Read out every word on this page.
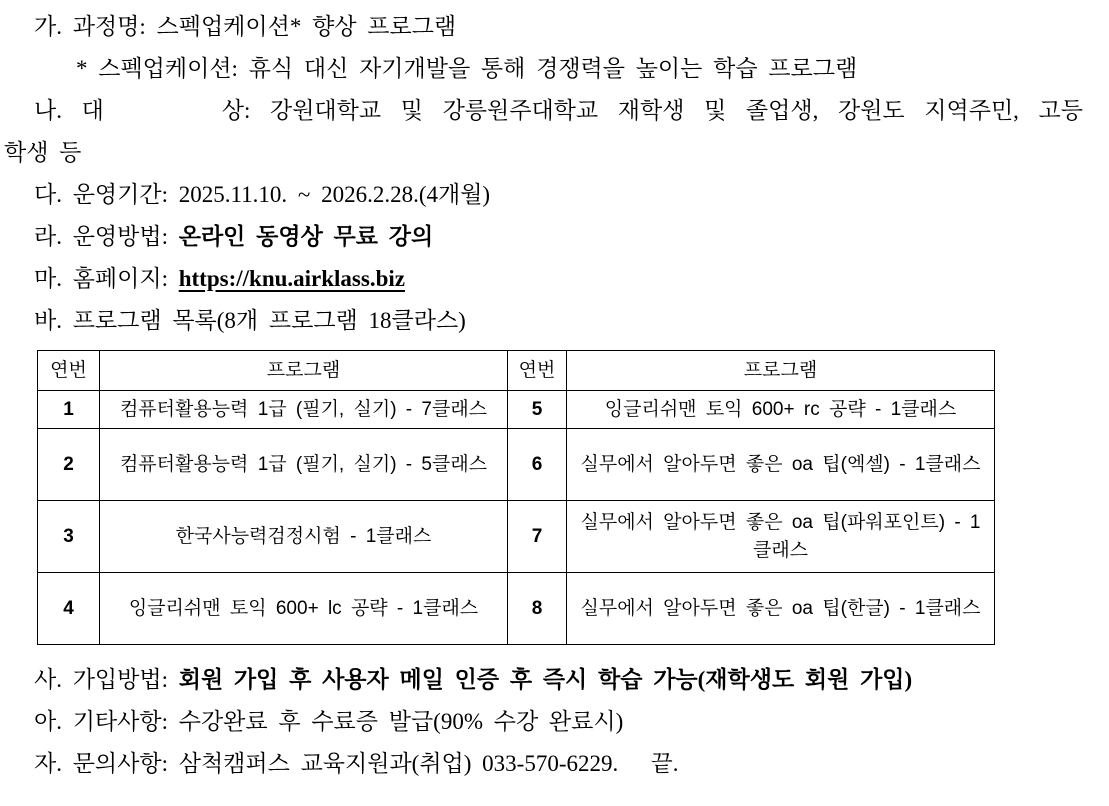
가. 과정명: 스펙업케이션* 향상 프로그램

* 스펙업케이션: 휴식 대신 자기개발을 통해 경쟁력을 높이는 학습 프로그램

나. 대      상: 강원대학교 및 강릉원주대학교 재학생 및 졸업생, 강원도 지역주민, 고등

학생 등

다. 운영기간: 2025.11.10. ~ 2026.2.28.(4개월)

라. 운영방법: 온라인 동영상 무료 강의

마. 홈페이지: https://knu.airklass.biz

바. 프로그램 목록(8개 프로그램 18클라스)

연번	프로그램	연번	프로그램
1	컴퓨터활용능력 1급 (필기, 실기) - 7클래스	5	잉글리쉬맨 토익 600+ rc 공략 - 1클래스
2	컴퓨터활용능력 1급 (필기, 실기) - 5클래스	6	실무에서 알아두면 좋은 oa 팁(엑셀) - 1클래스
3	한국사능력검정시험 - 1클래스	7	실무에서 알아두면 좋은 oa 팁(파워포인트) - 1클래스
4	잉글리쉬맨 토익 600+ lc 공략 - 1클래스	8	실무에서 알아두면 좋은 oa 팁(한글) - 1클래스

사. 가입방법: 회원 가입 후 사용자 메일 인증 후 즉시 학습 가능(재학생도 회원 가입)

아. 기타사항: 수강완료 후 수료증 발급(90% 수강 완료시)

자. 문의사항: 삼척캠퍼스 교육지원과(취업) 033-570-6229.   끝.
